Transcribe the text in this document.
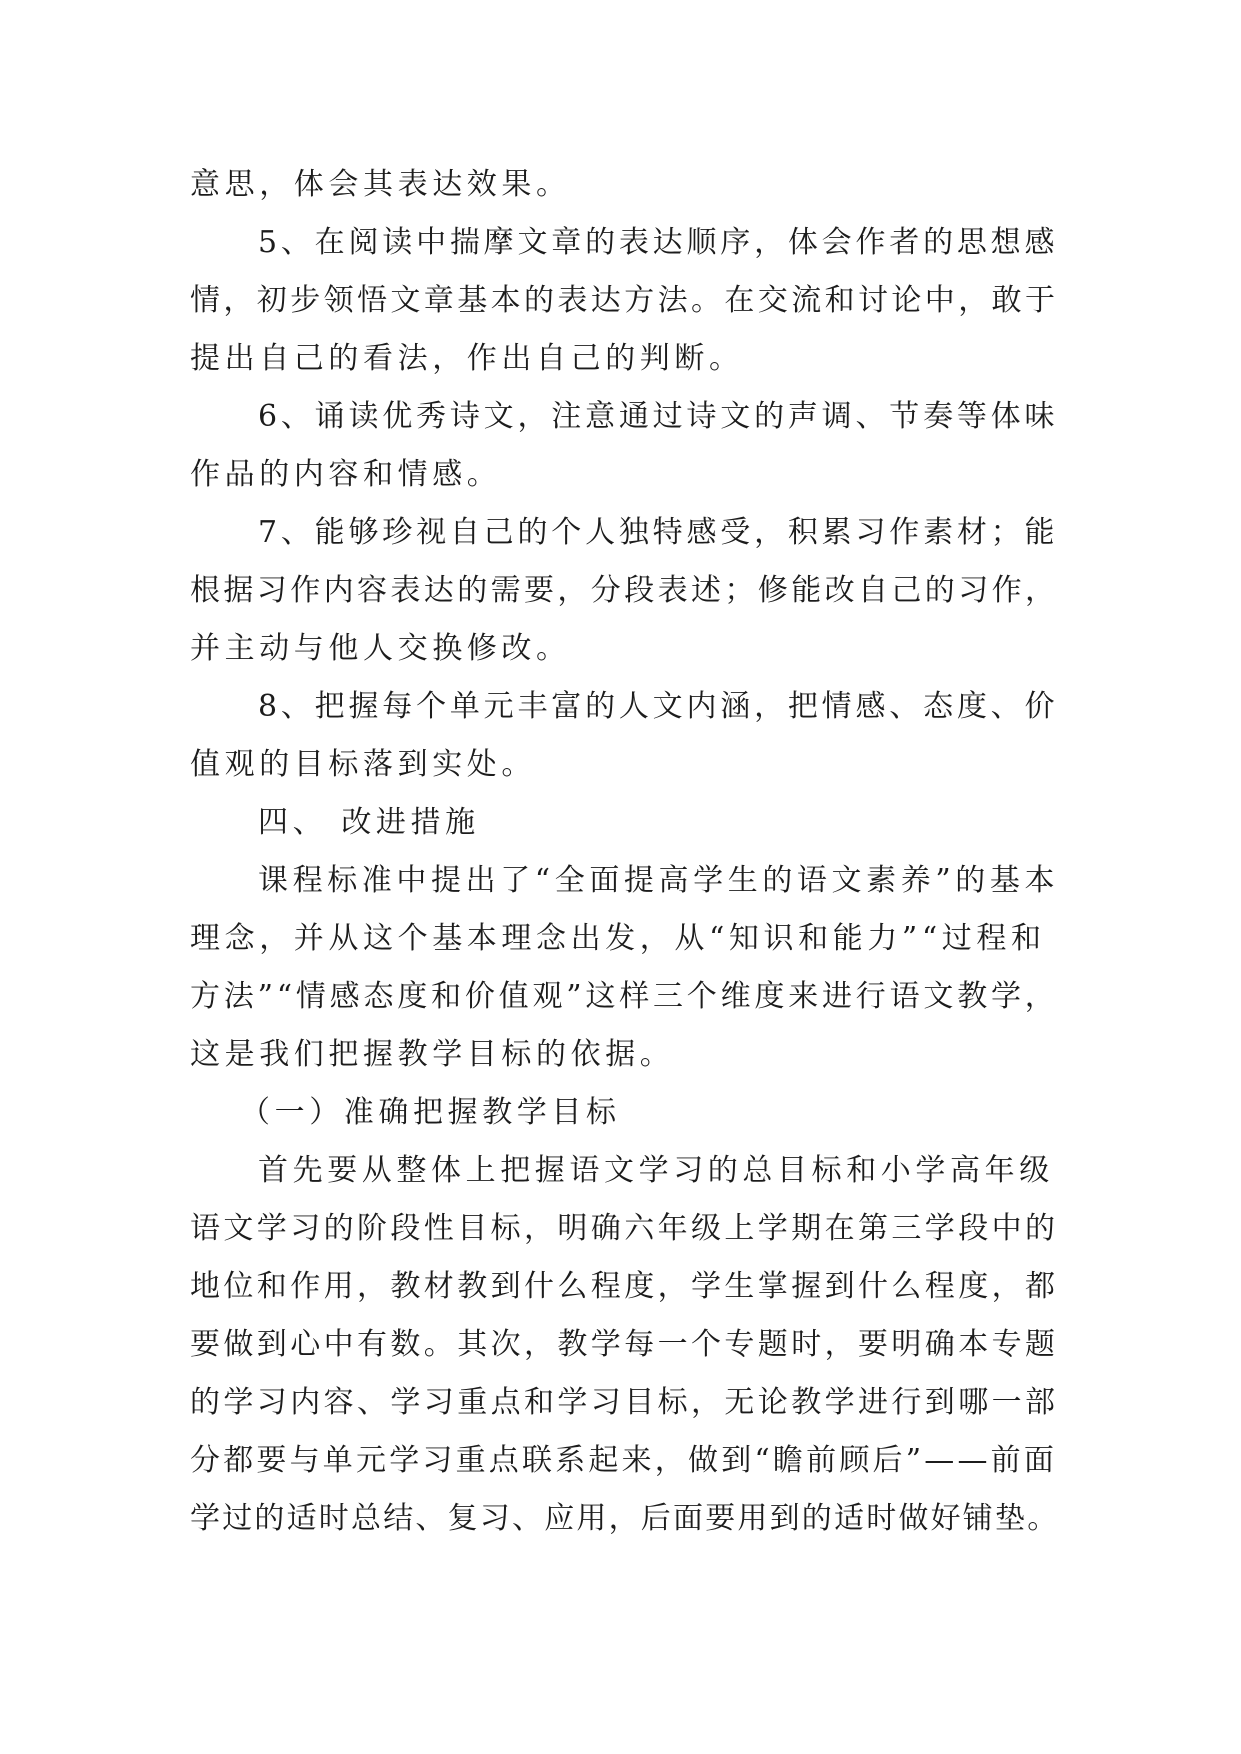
意思，体会其表达效果。
5、在阅读中揣摩文章的表达顺序，体会作者的思想感
情，初步领悟文章基本的表达方法。在交流和讨论中，敢于
提出自己的看法，作出自己的判断。
6、诵读优秀诗文，注意通过诗文的声调、节奏等体味
作品的内容和情感。
7、能够珍视自己的个人独特感受，积累习作素材；能
根据习作内容表达的需要，分段表述；修能改自己的习作，
并主动与他人交换修改。
8、把握每个单元丰富的人文内涵，把情感、态度、价
值观的目标落到实处。
四、 改进措施
课程标准中提出了“全面提高学生的语文素养”的基本
理念，并从这个基本理念出发，从“知识和能力”“过程和
方法”“情感态度和价值观”这样三个维度来进行语文教学，
这是我们把握教学目标的依据。
（一）准确把握教学目标
首先要从整体上把握语文学习的总目标和小学高年级
语文学习的阶段性目标，明确六年级上学期在第三学段中的
地位和作用，教材教到什么程度，学生掌握到什么程度，都
要做到心中有数。其次，教学每一个专题时，要明确本专题
的学习内容、学习重点和学习目标，无论教学进行到哪一部
分都要与单元学习重点联系起来，做到“瞻前顾后”——前面
学过的适时总结、复习、应用，后面要用到的适时做好铺垫。
